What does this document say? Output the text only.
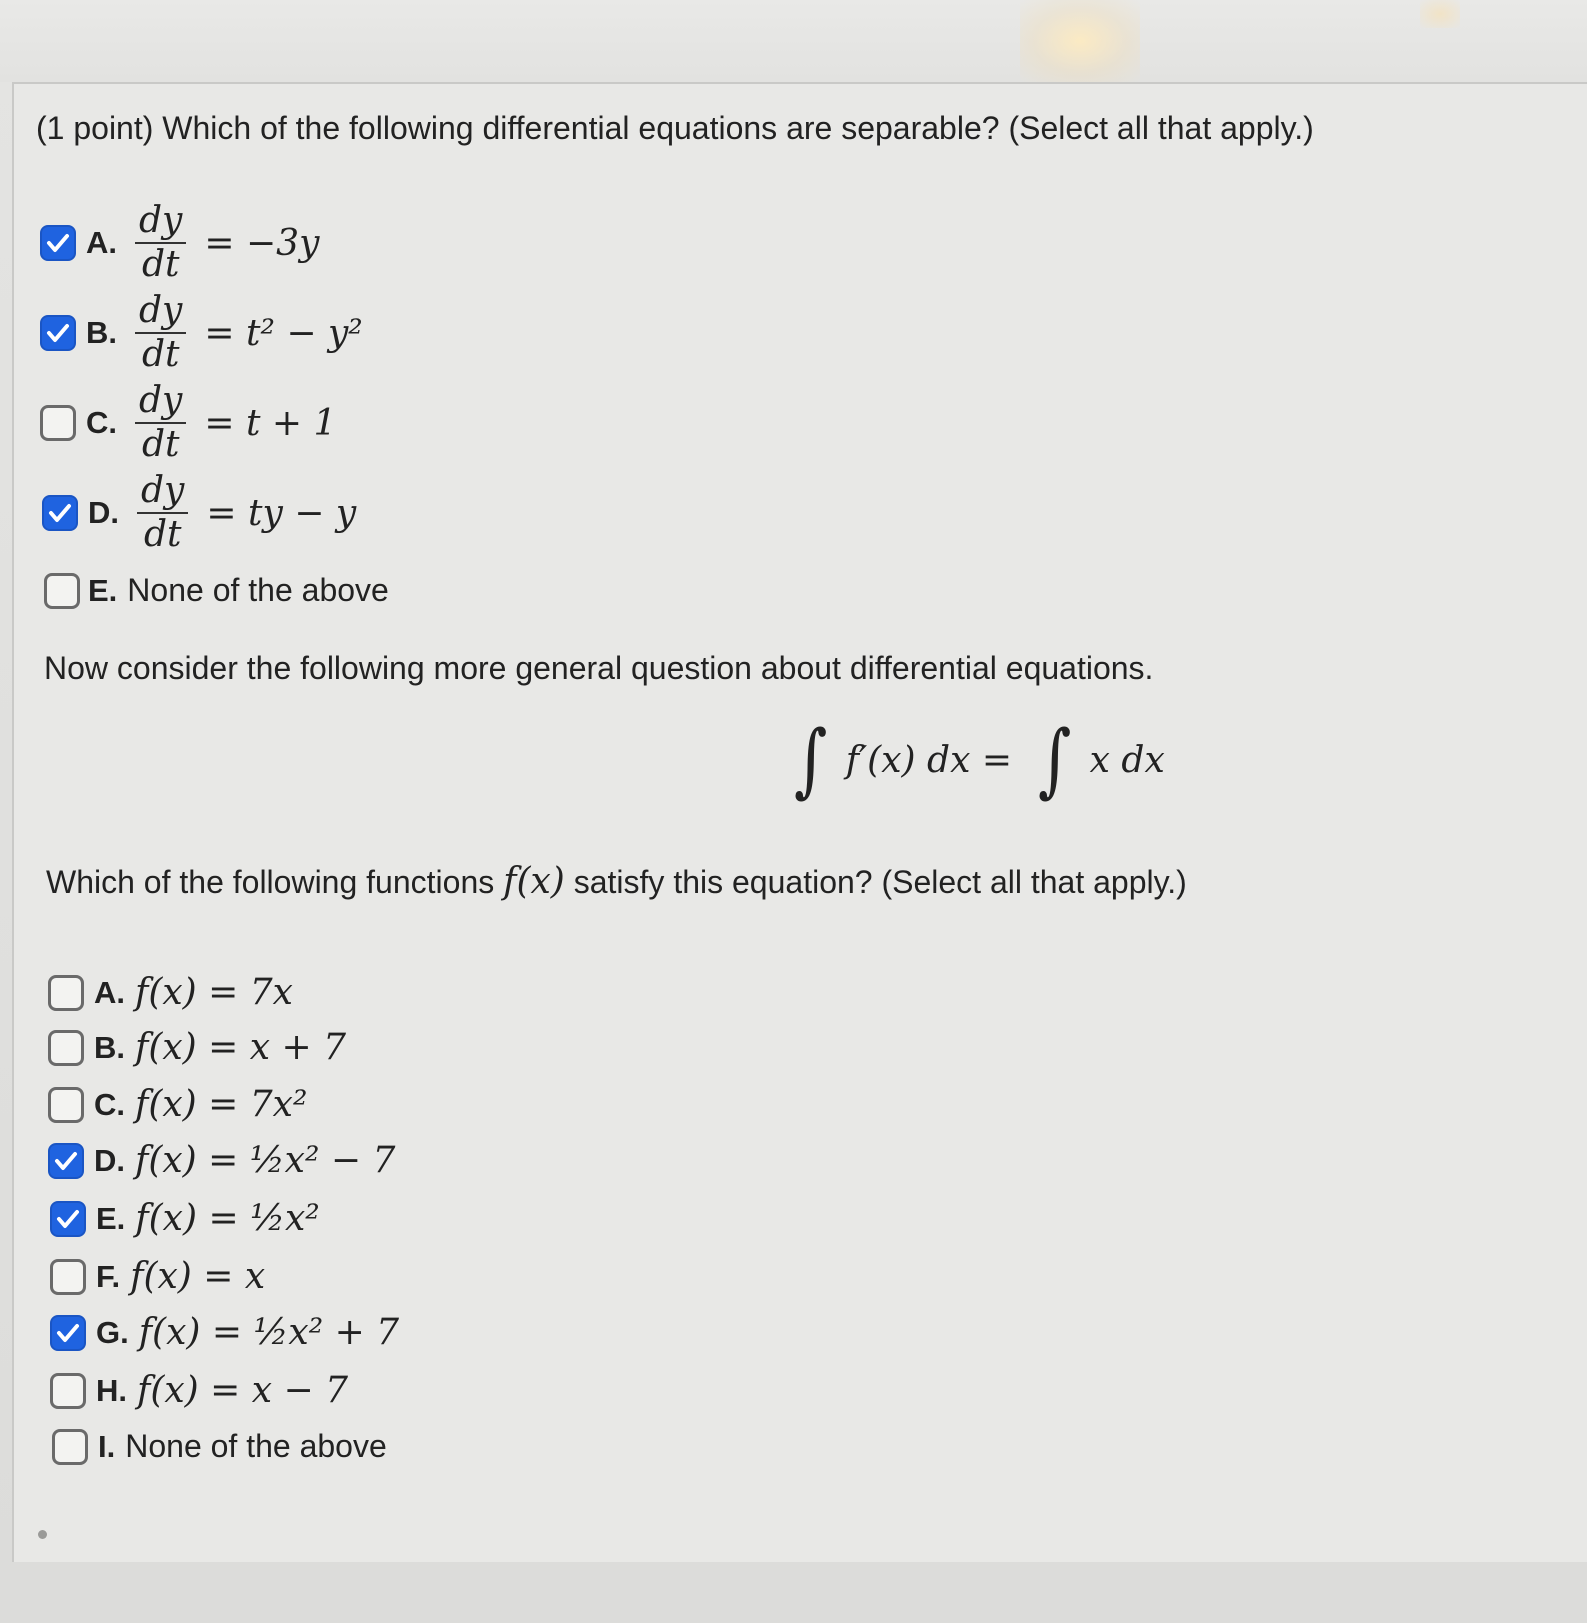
(1 point) Which of the following differential equations are separable? (Select all that apply.)
A. $\frac{dy}{dt} = -3y$
B. $\frac{dy}{dt} = t^2 - y^2$
C. $\frac{dy}{dt} = t + 1$
D. $\frac{dy}{dt}$ = ty − y
E. None of the above
Now consider the following more general question about differential equations.
∫ f′(x) dx = ∫ x dx
Which of the following functions f(x) satisfy this equation? (Select all that apply.)
A. f(x) = 7x
B. f(x) = x + 7
C. f(x) = 7x²
D. f(x) = ½x² − 7
E. f(x) = ½x²
F. f(x) = x
G. f(x) = ½x² + 7
H. f(x) = x − 7
I. None of the above
